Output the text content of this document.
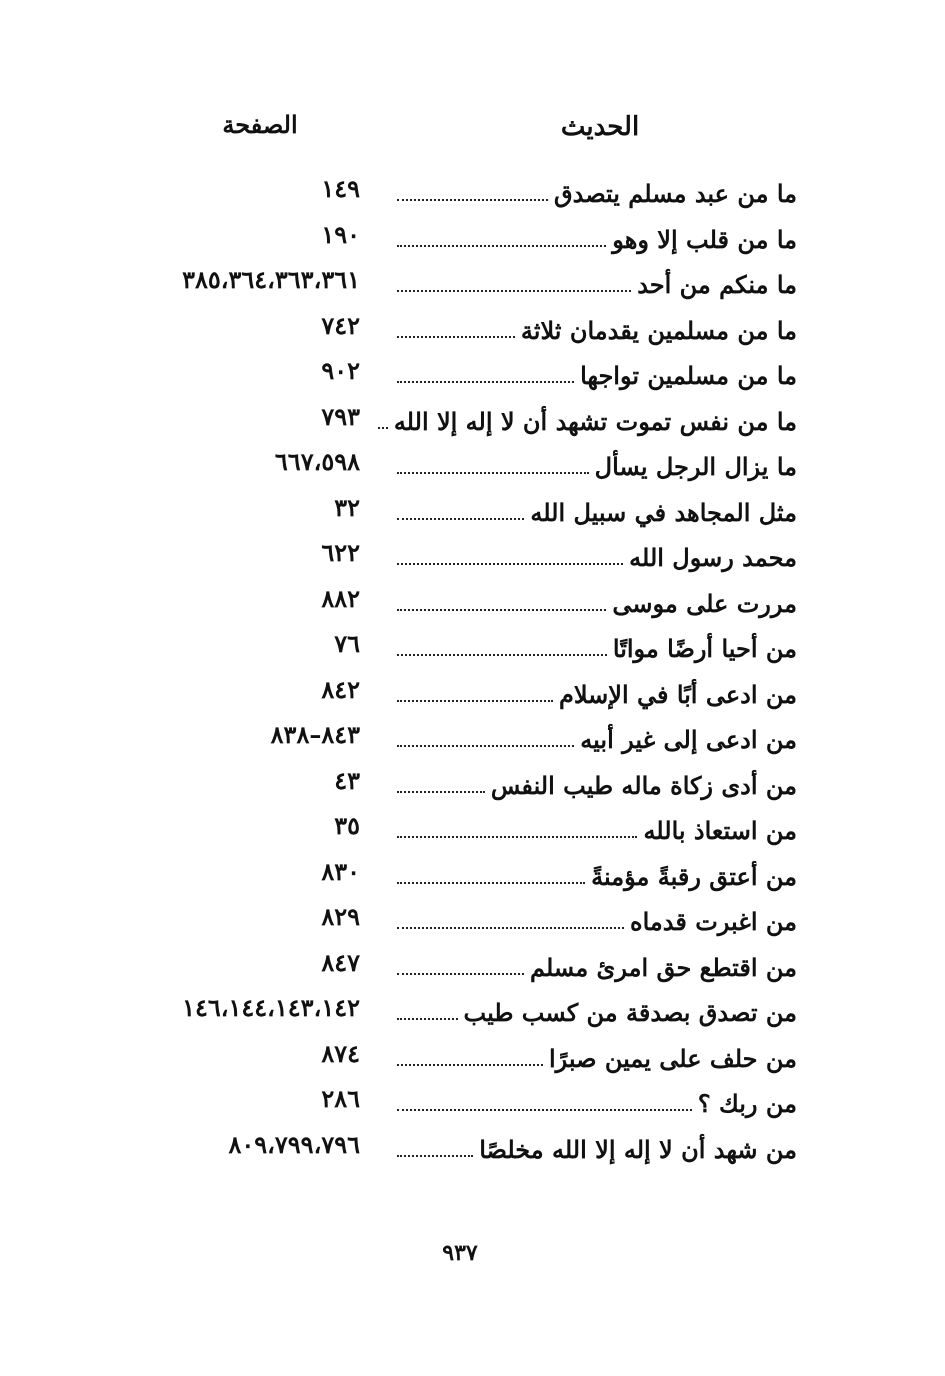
الحديث
الصفحة
ما من عبد مسلم يتصدق
١٤٩
ما من قلب إلا وهو
١٩٠
ما منكم من أحد
٣٨٥،٣٦٤،٣٦٣،٣٦١
ما من مسلمين يقدمان ثلاثة
٧٤٢
ما من مسلمين تواجها
٩٠٢
ما من نفس تموت تشهد أن لا إله إلا الله
٧٩٣
ما يزال الرجل يسأل
٦٦٧،٥٩٨
مثل المجاهد في سبيل الله
٣٢
محمد رسول الله
٦٢٢
مررت على موسى
٨٨٢
من أحيا أرضًا مواتًا
٧٦
من ادعى أبًا في الإسلام
٨٤٢
من ادعى إلى غير أبيه
٨٤٣–٨٣٨
من أدى زكاة ماله طيب النفس
٤٣
من استعاذ بالله
٣٥
من أعتق رقبةً مؤمنةً
٨٣٠
من اغبرت قدماه
٨٢٩
من اقتطع حق امرئ مسلم
٨٤٧
من تصدق بصدقة من كسب طيب
١٤٦،١٤٤،١٤٣،١٤٢
من حلف على يمين صبرًا
٨٧٤
من ربك ؟
٢٨٦
من شهد أن لا إله إلا الله مخلصًا
٨٠٩،٧٩٩،٧٩٦
٩٣٧
